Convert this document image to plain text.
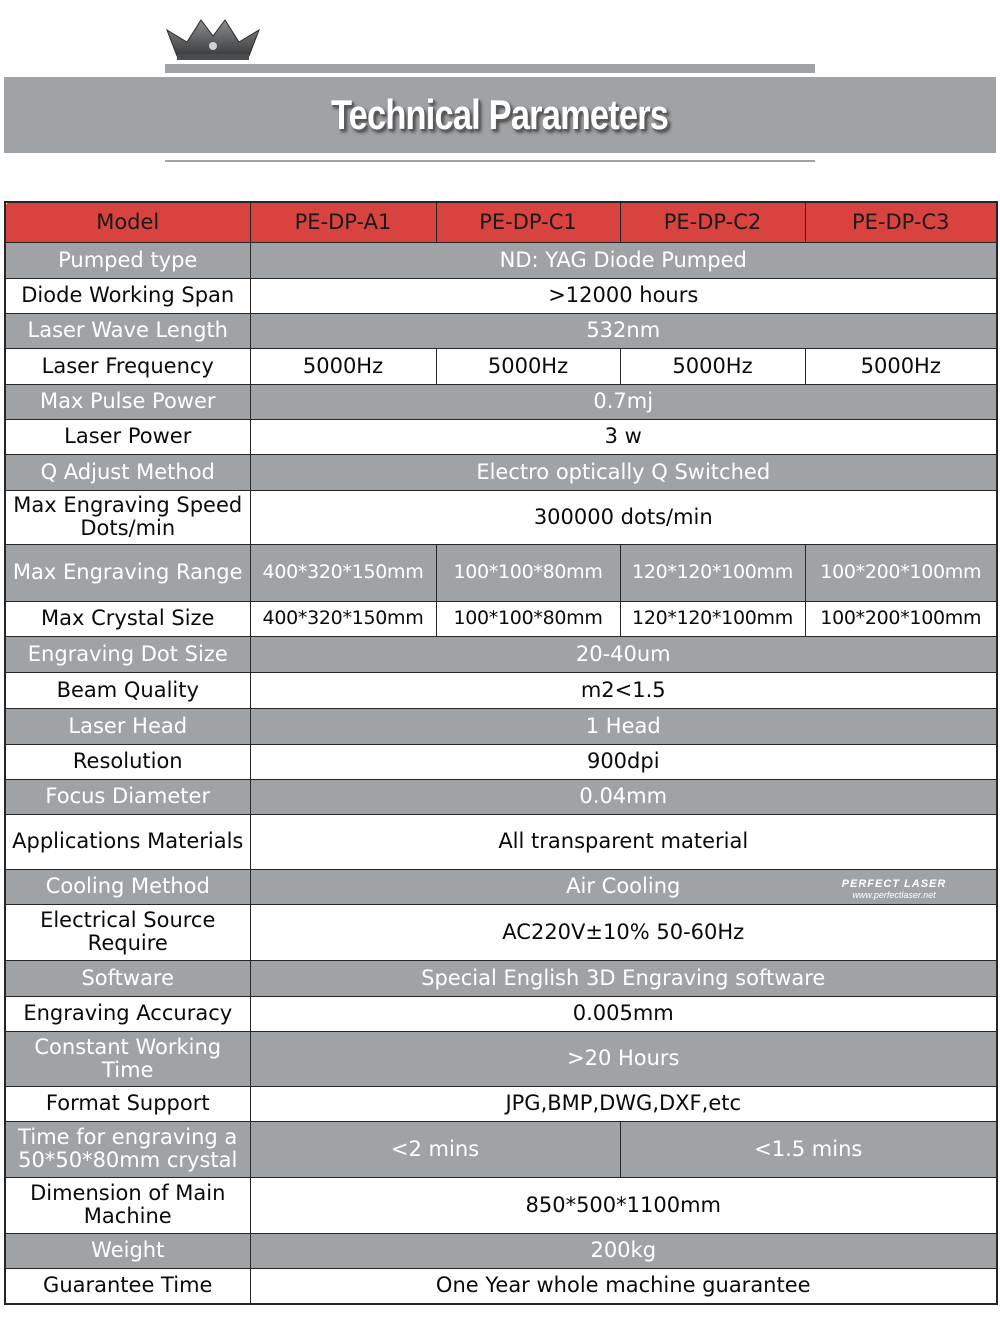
Technical Parameters
Model	PE-DP-A1	PE-DP-C1	PE-DP-C2	PE-DP-C3
Pumped type	ND: YAG Diode Pumped			
Diode Working Span	>12000 hours			
Laser Wave Length	532nm			
Laser Frequency	5000Hz	5000Hz	5000Hz	5000Hz
Max Pulse Power	0.7mj			
Laser Power	3 w			
Q Adjust Method	Electro optically Q Switched			
Max Engraving Speed Dots/min	300000 dots/min			
Max Engraving Range	400*320*150mm	100*100*80mm	120*120*100mm	100*200*100mm
Max Crystal Size	400*320*150mm	100*100*80mm	120*120*100mm	100*200*100mm
Engraving Dot Size	20-40um			
Beam Quality	m2<1.5			
Laser Head	1 Head			
Resolution	900dpi			
Focus Diameter	0.04mm			
Applications Materials	All transparent material			
Cooling Method	Air Cooling			
Electrical Source Require	AC220V±10% 50-60Hz			
Software	Special English 3D Engraving software			
Engraving Accuracy	0.005mm			
Constant Working Time	>20 Hours			
Format Support	JPG,BMP,DWG,DXF,etc			
Time for engraving a 50*50*80mm crystal	<2 mins		<1.5 mins	
Dimension of Main Machine	850*500*1100mm			
Weight	200kg			
Guarantee Time	One Year whole machine guarantee			
PERFECT LASER
www.perfectlaser.net
